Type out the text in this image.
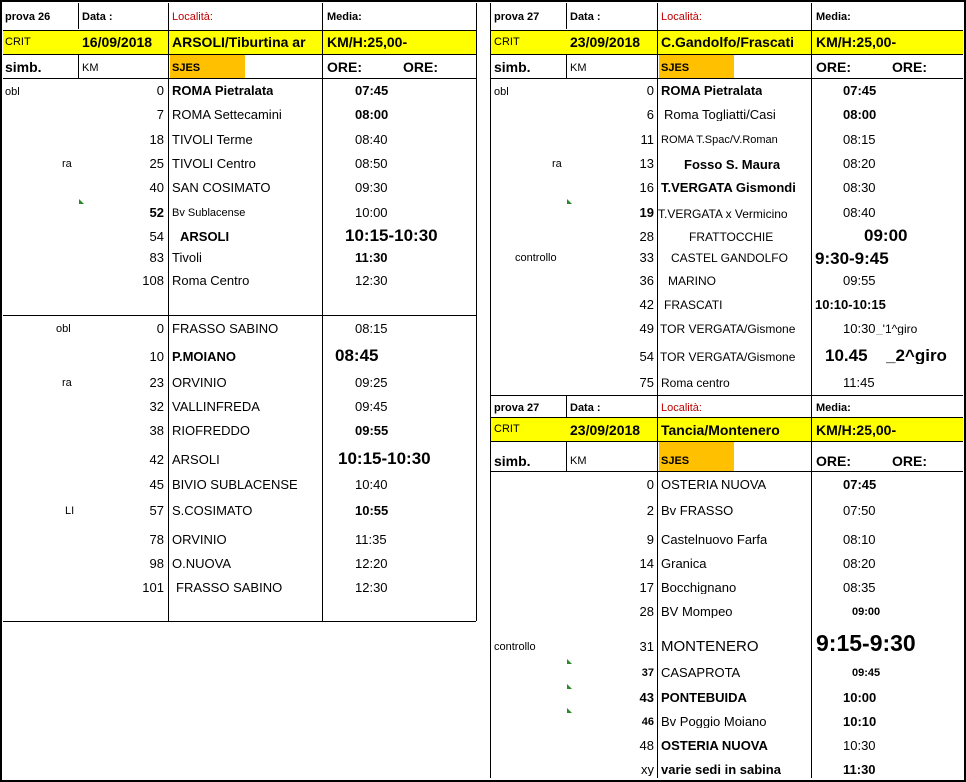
prova 26	Data :	Località:	Media:
CRIT	16/09/2018 ARSOLI/Tiburtina ar	KM/H:25,00-
simb.	KM	SJES	ORE:	ORE:
obl	0 ROMA Pietralata	07:45
7 ROMA Settecamini	08:00
18 TIVOLI Terme	08:40
ra	25 TIVOLI Centro	08:50
40 SAN COSIMATO	09:30
52 Bv Sublacense	10:00
54 ARSOLI	10:15-10:30
83 Tivoli	11:30
108 Roma Centro	12:30
obl	0 FRASSO SABINO	08:15
10 P.MOIANO	08:45
ra	23 ORVINIO	09:25
32 VALLINFREDA	09:45
38 RIOFREDDO	09:55
42 ARSOLI	10:15-10:30
45 BIVIO SUBLACENSE	10:40
LI	57 S.COSIMATO	10:55
78 ORVINIO	11:35
98 O.NUOVA	12:20
101 FRASSO SABINO	12:30
prova 27	Data :	Località:	Media:
CRIT	23/09/2018 C.Gandolfo/Frascati	KM/H:25,00-
simb.	KM	SJES	ORE:	ORE:
obl	0 ROMA Pietralata	07:45
6 Roma Togliatti/Casi	08:00
11 ROMA T.Spac/V.Roman	08:15
ra	13 Fosso S. Maura	08:20
16 T.VERGATA Gismondi	08:30
19 T.VERGATA x Vermicino	08:40
28	FRATTOCCHIE	09:00
controllo	33 CASTEL GANDOLFO 9:30-9:45
36 MARINO	09:55
42 FRASCATI	10:10-10:15
49 TOR VERGATA/Gismone	10:30 _'1^giro
54 TOR VERGATA/Gismone	10.45 _2^giro
75 Roma centro	11:45
prova 27	Data :	Località:	Media:
CRIT	23/09/2018 Tancia/Montenero	KM/H:25,00-
simb.	KM	SJES	ORE:	ORE:
0 OSTERIA NUOVA	07:45
2 Bv FRASSO	07:50
9 Castelnuovo Farfa	08:10
14 Granica	08:20
17 Bocchignano	08:35
28 BV Mompeo	09:00
controllo	31 MONTENERO	9:15-9:30
37 CASAPROTA	09:45
43 PONTEBUIDA	10:00
46 Bv Poggio Moiano	10:10
48 OSTERIA NUOVA	10:30
xy varie sedi in sabina	11:30
